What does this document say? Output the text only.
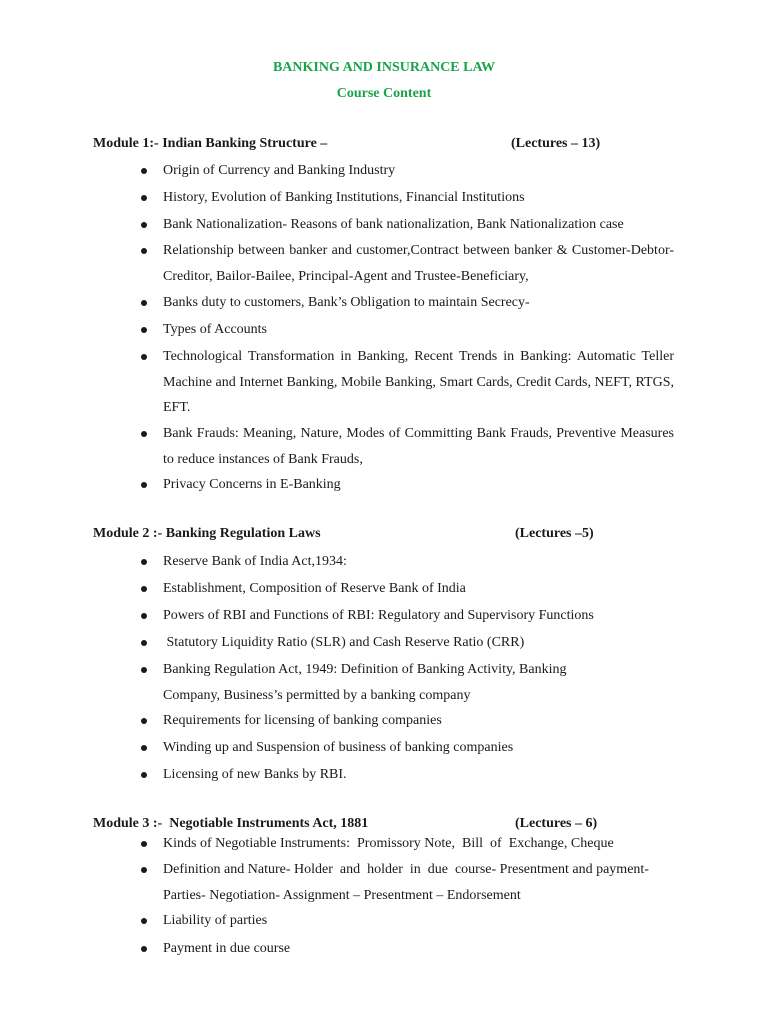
BANKING AND INSURANCE LAW
Course Content
Module 1:- Indian Banking Structure –	(Lectures – 13)
Origin of Currency and Banking Industry
History, Evolution of Banking Institutions, Financial Institutions
Bank Nationalization- Reasons of bank nationalization, Bank Nationalization case
Relationship between banker and customer,Contract between banker & Customer-Debtor-Creditor, Bailor-Bailee, Principal-Agent and Trustee-Beneficiary,
Banks duty to customers, Bank’s Obligation to maintain Secrecy-
Types of Accounts
Technological Transformation in Banking, Recent Trends in Banking: Automatic Teller Machine and Internet Banking, Mobile Banking, Smart Cards, Credit Cards, NEFT, RTGS, EFT.
Bank Frauds: Meaning, Nature, Modes of Committing Bank Frauds, Preventive Measures to reduce instances of Bank Frauds,
Privacy Concerns in E-Banking
Module 2 :- Banking Regulation Laws	(Lectures –5)
Reserve Bank of India Act,1934:
Establishment, Composition of Reserve Bank of India
Powers of RBI and Functions of RBI: Regulatory and Supervisory Functions
Statutory Liquidity Ratio (SLR) and Cash Reserve Ratio (CRR)
Banking Regulation Act, 1949: Definition of Banking Activity, Banking Company, Business’s permitted by a banking company
Requirements for licensing of banking companies
Winding up and Suspension of business of banking companies
Licensing of new Banks by RBI.
Module 3 :-  Negotiable Instruments Act, 1881	(Lectures – 6)
Kinds of Negotiable Instruments:  Promissory Note,  Bill  of  Exchange, Cheque
Definition and Nature- Holder  and  holder  in  due  course- Presentment and payment- Parties- Negotiation- Assignment – Presentment – Endorsement
Liability of parties
Payment in due course
